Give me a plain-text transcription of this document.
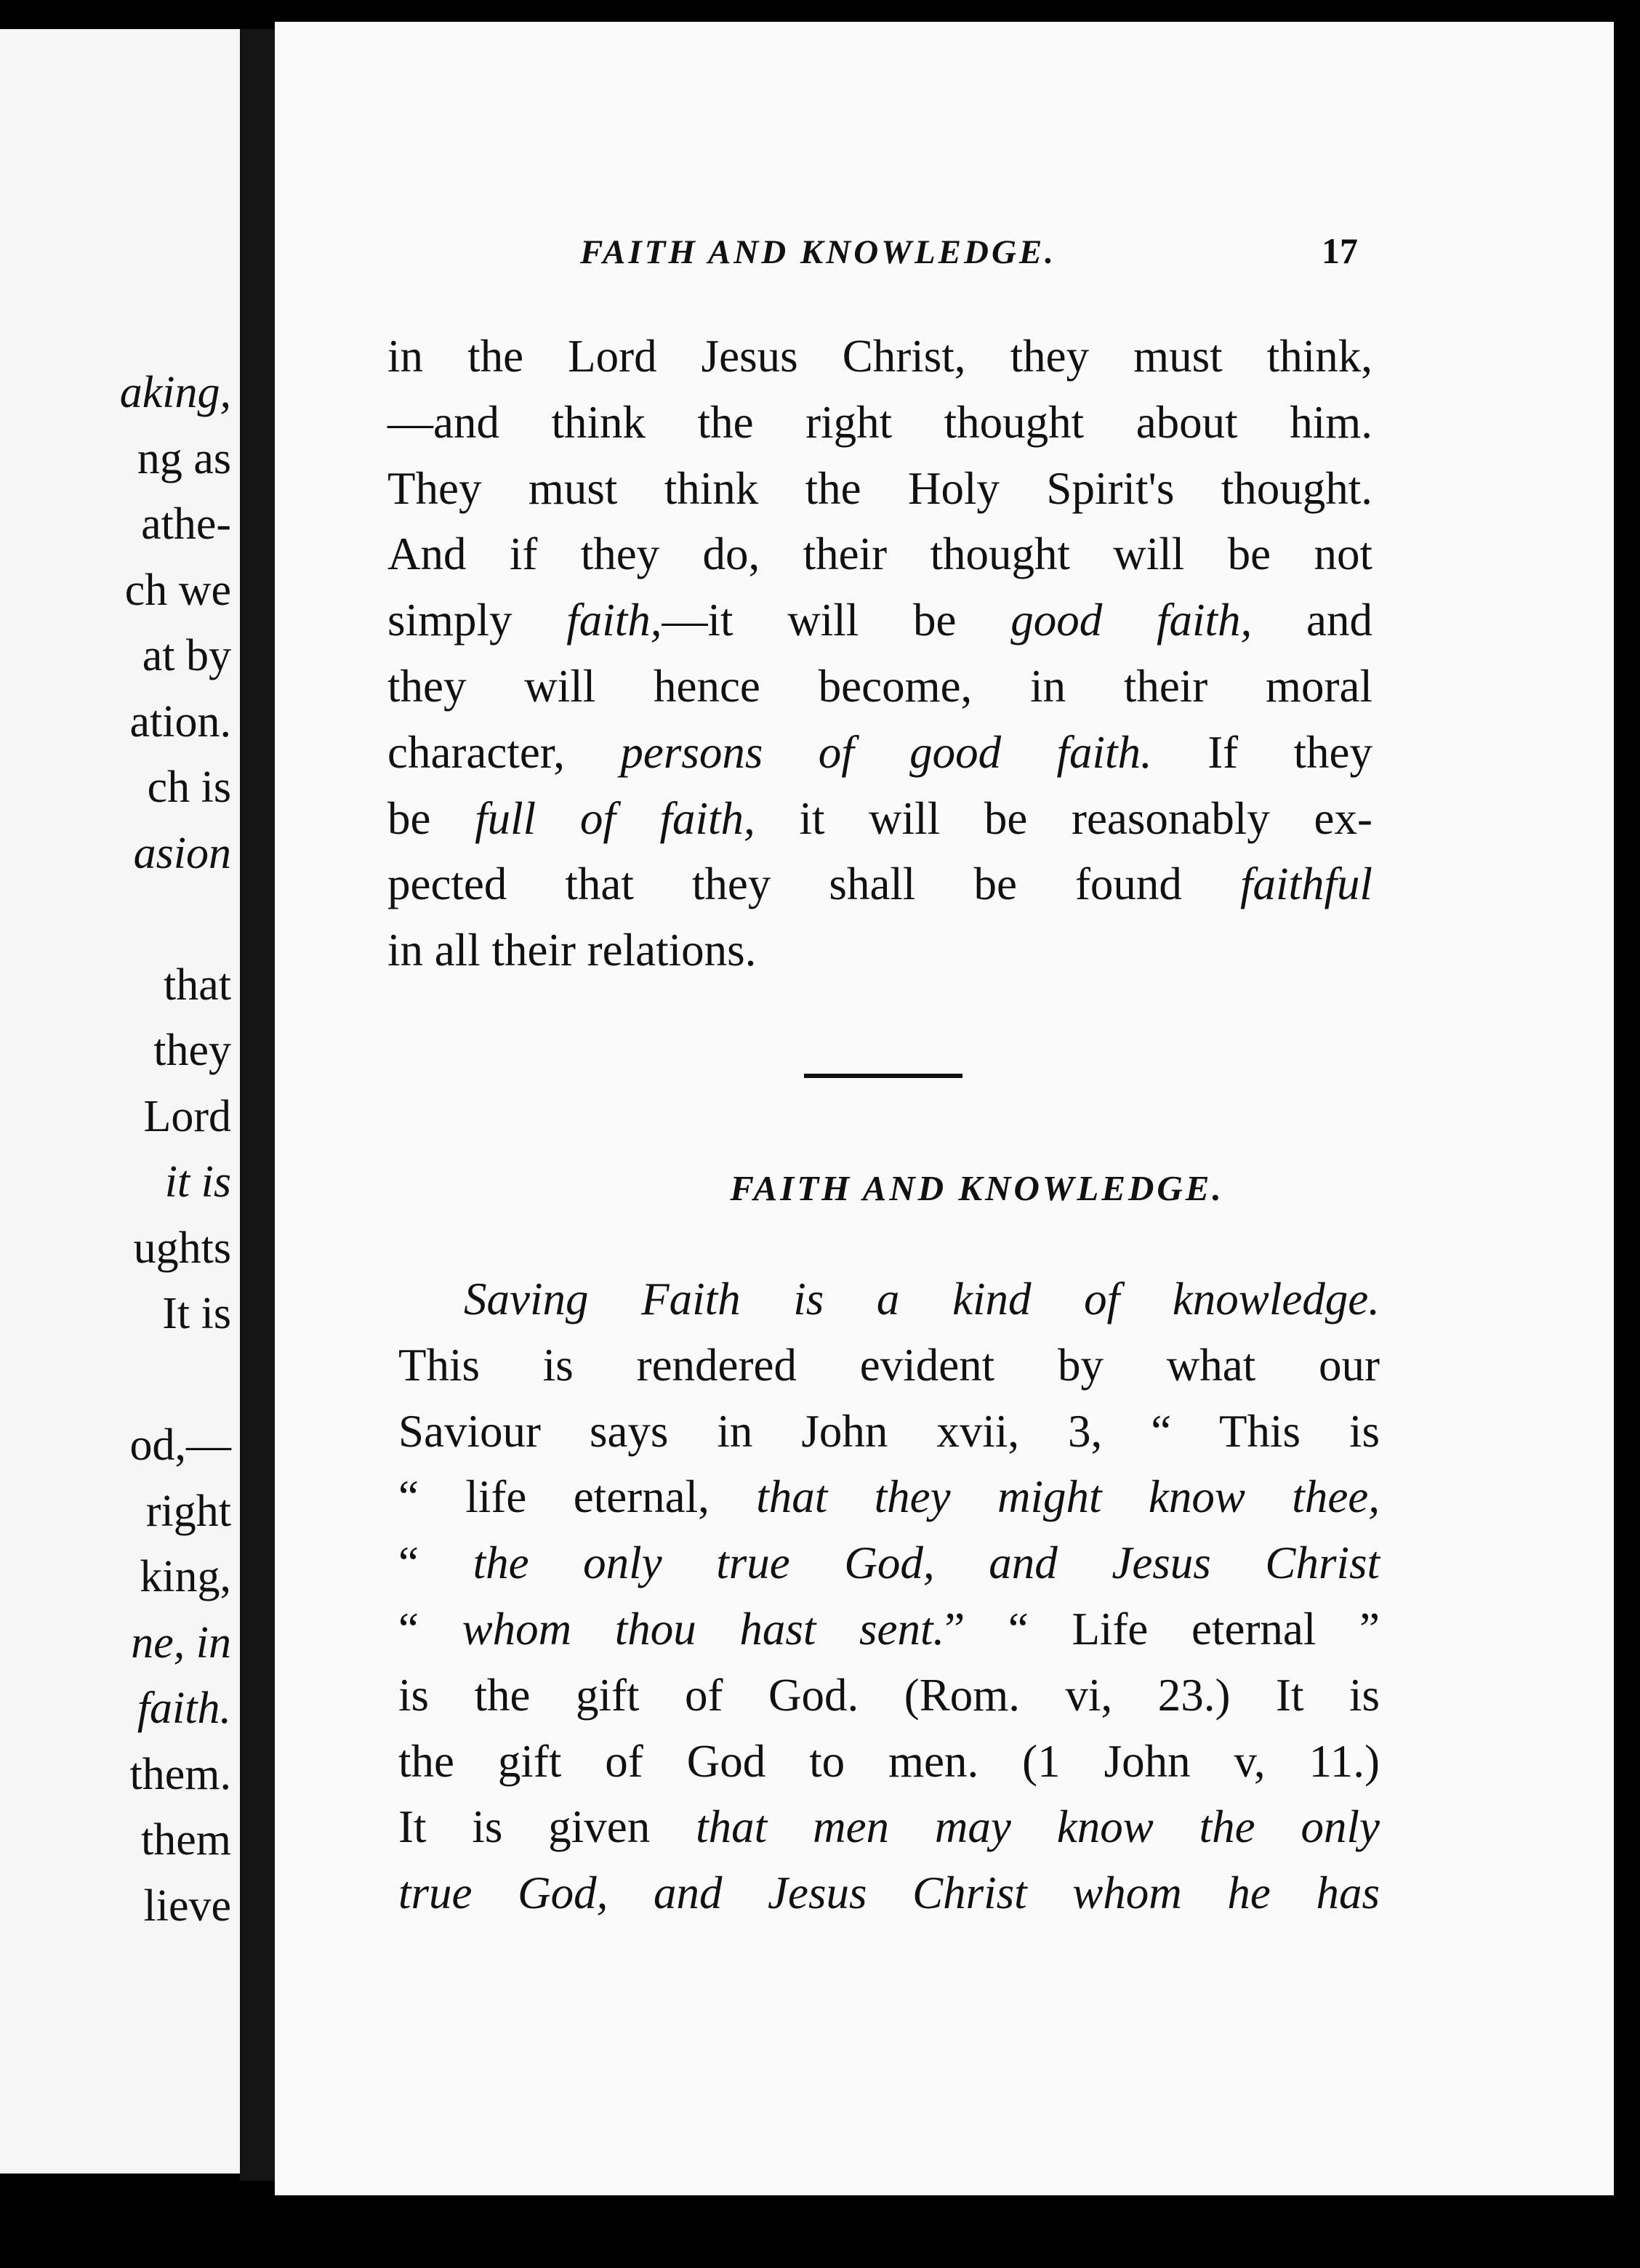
aking,
ng as
athe-
ch we
at by
ation.
ch is
asion
that
they
Lord
it is
ughts
It is
od,—
right
king,
ne, in
faith.
them.
them
lieve
FAITH AND KNOWLEDGE.	17
in the Lord Jesus Christ, they must think,
—and think the right thought about him.
They must think the Holy Spirit's thought.
And if they do, their thought will be not
simply faith,—it will be good faith, and
they will hence become, in their moral
character, persons of good faith. If they
be full of faith, it will be reasonably ex-
pected that they shall be found faithful
in all their relations.
FAITH AND KNOWLEDGE.
Saving Faith is a kind of knowledge.
This is rendered evident by what our
Saviour says in John xvii, 3, “ This is
“ life eternal, that they might know thee,
“ the only true God, and Jesus Christ
“ whom thou hast sent.” “ Life eternal ”
is the gift of God. (Rom. vi, 23.) It is
the gift of God to men. (1 John v, 11.)
It is given that men may know the only
true God, and Jesus Christ whom he has
